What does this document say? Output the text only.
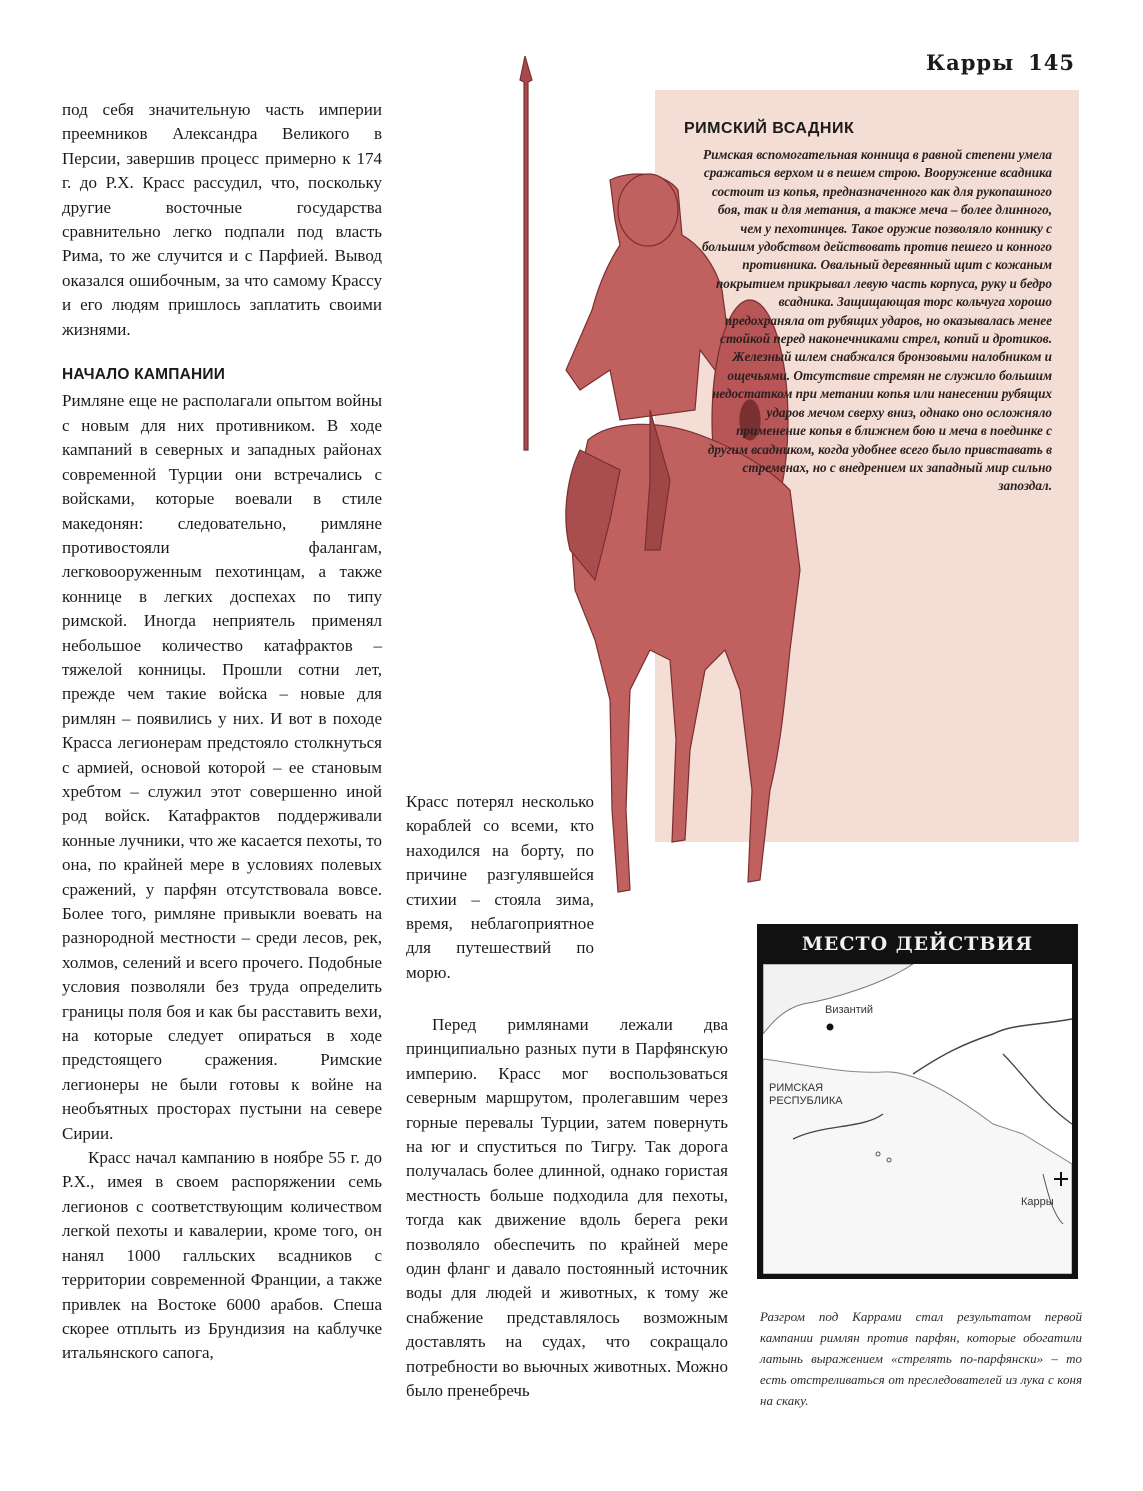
Карры 145
РИМСКИЙ ВСАДНИК
Римская вспомогательная конница в равной степени умела сражаться верхом и в пешем строю. Вооружение всадника состоит из копья, предназначенного как для рукопашного боя, так и для метания, а также меча – более длинного, чем у пехотинцев. Такое оружие позволяло коннику с большим удобством действовать против пешего и конного противника. Овальный деревянный щит с кожаным покрытием прикрывал левую часть корпуса, руку и бедро всадника. Защищающая торс кольчуга хорошо предохраняла от рубящих ударов, но оказывалась менее стойкой перед наконечниками стрел, копий и дротиков. Железный шлем снабжался бронзовыми налобником и ощечьями. Отсутствие стремян не служило большим недостатком при метании копья или нанесении рубящих ударов мечом сверху вниз, однако оно осложняло применение копья в ближнем бою и меча в поединке с другим всадником, когда удобнее всего было привставать в стременах, но с внедрением их западный мир сильно запоздал.

под себя значительную часть империи преемников Александра Великого в Персии, завершив процесс примерно к 174 г. до Р.Х. Красс рассудил, что, поскольку другие восточные государства сравнительно легко подпали под власть Рима, то же случится и с Парфией. Вывод оказался ошибочным, за что самому Крассу и его людям пришлось заплатить своими жизнями.

НАЧАЛО КАМПАНИИ

Римляне еще не располагали опытом войны с новым для них противником. В ходе кампаний в северных и западных районах современной Турции они встречались с войсками, которые воевали в стиле македонян: следовательно, римляне противостояли фалангам, легковооруженным пехотинцам, а также коннице в легких доспехах по типу римской. Иногда неприятель применял небольшое количество катафрактов – тяжелой конницы. Прошли сотни лет, прежде чем такие войска – новые для римлян – появились у них. И вот в походе Красса легионерам предстояло столкнуться с армией, основой которой – ее становым хребтом – служил этот совершенно иной род войск. Катафрактов поддерживали конные лучники, что же касается пехоты, то она, по крайней мере в условиях полевых сражений, у парфян отсутствовала вовсе. Более того, римляне привыкли воевать на разнородной местности – среди лесов, рек, холмов, селений и всего прочего. Подобные условия позволяли без труда определить границы поля боя и как бы расставить вехи, на которые следует опираться в ходе предстоящего сражения. Римские легионеры не были готовы к войне на необъятных просторах пустыни на севере Сирии.

Красс начал кампанию в ноябре 55 г. до Р.Х., имея в своем распоряжении семь легионов с соответствующим количеством легкой пехоты и кавалерии, кроме того, он нанял 1000 галльских всадников с территории современной Франции, а также привлек на Востоке 6000 арабов. Спеша скорее отплыть из Брундизия на каблучке итальянского сапога,

Красс потерял несколько кораблей со всеми, кто находился на борту, по причине разгулявшейся стихии – стояла зима, время, неблагоприятное для путешествий по морю.

Перед римлянами лежали два принципиально разных пути в Парфянскую империю. Красс мог воспользоваться северным маршрутом, пролегавшим через горные перевалы Турции, затем повернуть на юг и спуститься по Тигру. Так дорога получалась более длинной, однако гористая местность больше подходила для пехоты, тогда как движение вдоль берега реки позволяло обеспечить по крайней мере один фланг и давало постоянный источник воды для людей и животных, к тому же снабжение представлялось возможным доставлять на судах, что сокращало потребности во вьючных животных. Можно было пренебречь

МЕСТО ДЕЙСТВИЯ
Византий
РИМСКАЯ
РЕСПУБЛИКА
Карры
Разгром под Каррами стал результатом первой кампании римлян против парфян, которые обогатили латынь выражением «стрелять по-парфянски» – то есть отстреливаться от преследователей из лука с коня на скаку.
